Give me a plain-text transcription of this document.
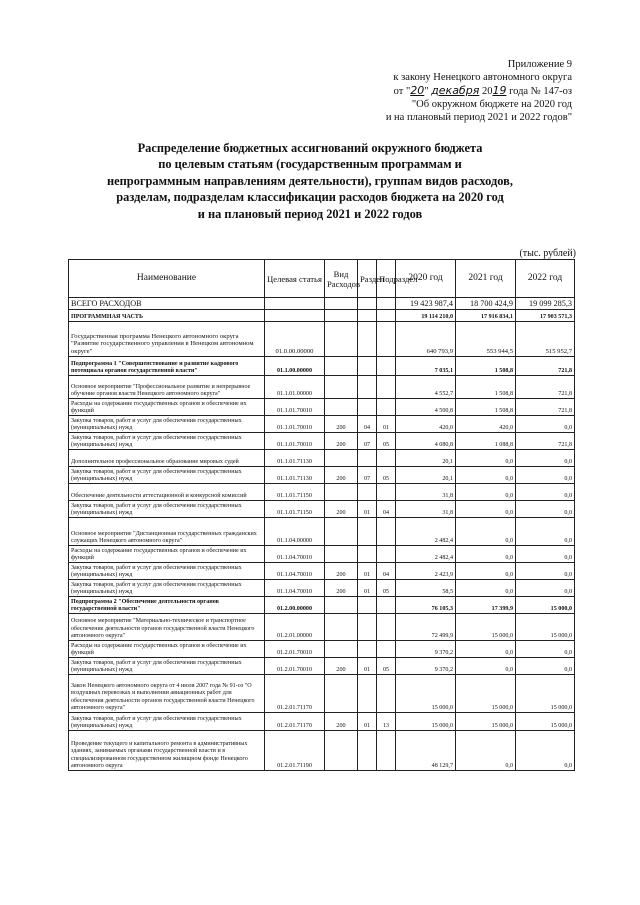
Приложение 9
к закону Ненецкого автономного округа
от "20" декабря 2019 года № 147-оз
"Об окружном бюджете на 2020 год
и на плановый период 2021 и 2022 годов"
Распределение бюджетных ассигнований окружного бюджета
по целевым статьям (государственным программам и
непрограммным направлениям деятельности), группам видов расходов,
разделам, подразделам классификации расходов бюджета на 2020 год
и на плановый период 2021 и 2022 годов
(тыс. рублей)
Наименование	Целевая статья	Вид Расходов	Раздел	Подраздел	2020 год	2021 год	2022 год
ВСЕГО РАСХОДОВ					19 423 987,4	18 700 424,9	19 099 285,3
ПРОГРАММНАЯ ЧАСТЬ					19 114 210,0	17 916 834,1	17 903 571,3
Государственная программа Ненецкого автономного округа "Развитие государственного управления в Ненецком автономном округе"	01.0.00.00000				640 793,9	553 944,5	515 952,7
Подпрограмма 1 "Совершенствование и развитие кадрового потенциала органов государственной власти"	01.1.00.00000				7 035,1	1 508,8	721,8
Основное мероприятие "Профессиональное развитие и непрерывное обучение органов власти Ненецкого автономного округа"	01.1.01.00000				4 552,7	1 508,8	721,8
Расходы на содержание государственных органов и обеспечение их функций	01.1.01.70010				4 500,8	1 508,8	721,8
Закупка товаров, работ и услуг для обеспечения государственных (муниципальных) нужд	01.1.01.70010	200	04	01	420,0	420,0	0,0
Закупка товаров, работ и услуг для обеспечения государственных (муниципальных) нужд	01.1.01.70010	200	07	05	4 080,8	1 088,8	721,8
Дополнительное профессиональное образование мировых судей	01.1.01.71130				20,1	0,0	0,0
Закупка товаров, работ и услуг для обеспечения государственных (муниципальных) нужд	01.1.01.71130	200	07	05	20,1	0,0	0,0
Обеспечение деятельности аттестационной и конкурсной комиссий	01.1.01.71150				31,8	0,0	0,0
Закупка товаров, работ и услуг для обеспечения государственных (муниципальных) нужд	01.1.01.71150	200	01	04	31,8	0,0	0,0
Основное мероприятие "Дистанционная государственных гражданских служащих Ненецкого автономного округа"	01.1.04.00000				2 482,4	0,0	0,0
Расходы на содержание государственных органов и обеспечение их функций	01.1.04.70010				2 482,4	0,0	0,0
Закупка товаров, работ и услуг для обеспечения государственных (муниципальных) нужд	01.1.04.70010	200	01	04	2 423,9	0,0	0,0
Закупка товаров, работ и услуг для обеспечения государственных (муниципальных) нужд	01.1.04.70010	200	01	05	58,5	0,0	0,0
Подпрограмма 2 "Обеспечение деятельности органов государственной власти"	01.2.00.00000				76 105,3	17 399,9	15 000,0
Основное мероприятие "Материально-техническое и транспортное обеспечение деятельности органов государственной власти Ненецкого автономного округа"	01.2.01.00000				72 499,9	15 000,0	15 000,0
Расходы на содержание государственных органов и обеспечение их функций	01.2.01.70010				9 370,2	0,0	0,0
Закупка товаров, работ и услуг для обеспечения государственных (муниципальных) нужд	01.2.01.70010	200	01	05	9 370,2	0,0	0,0
Закон Ненецкого автономного округа от 4 июля 2007 года № 91-оз "О воздушных перевозках и выполнении авиационных работ для обеспечения деятельности органов государственной власти Ненецкого автономного округа"	01.2.01.71170				15 000,0	15 000,0	15 000,0
Закупка товаров, работ и услуг для обеспечения государственных (муниципальных) нужд	01.2.01.71170	200	01	13	15 000,0	15 000,0	15 000,0
Проведение текущего и капитального ремонта в административных зданиях, занимаемых органами государственной власти и в специализированном государственном жилищном фонде Ненецкого автономного округа	01.2.01.71190				48 129,7	0,0	0,0
